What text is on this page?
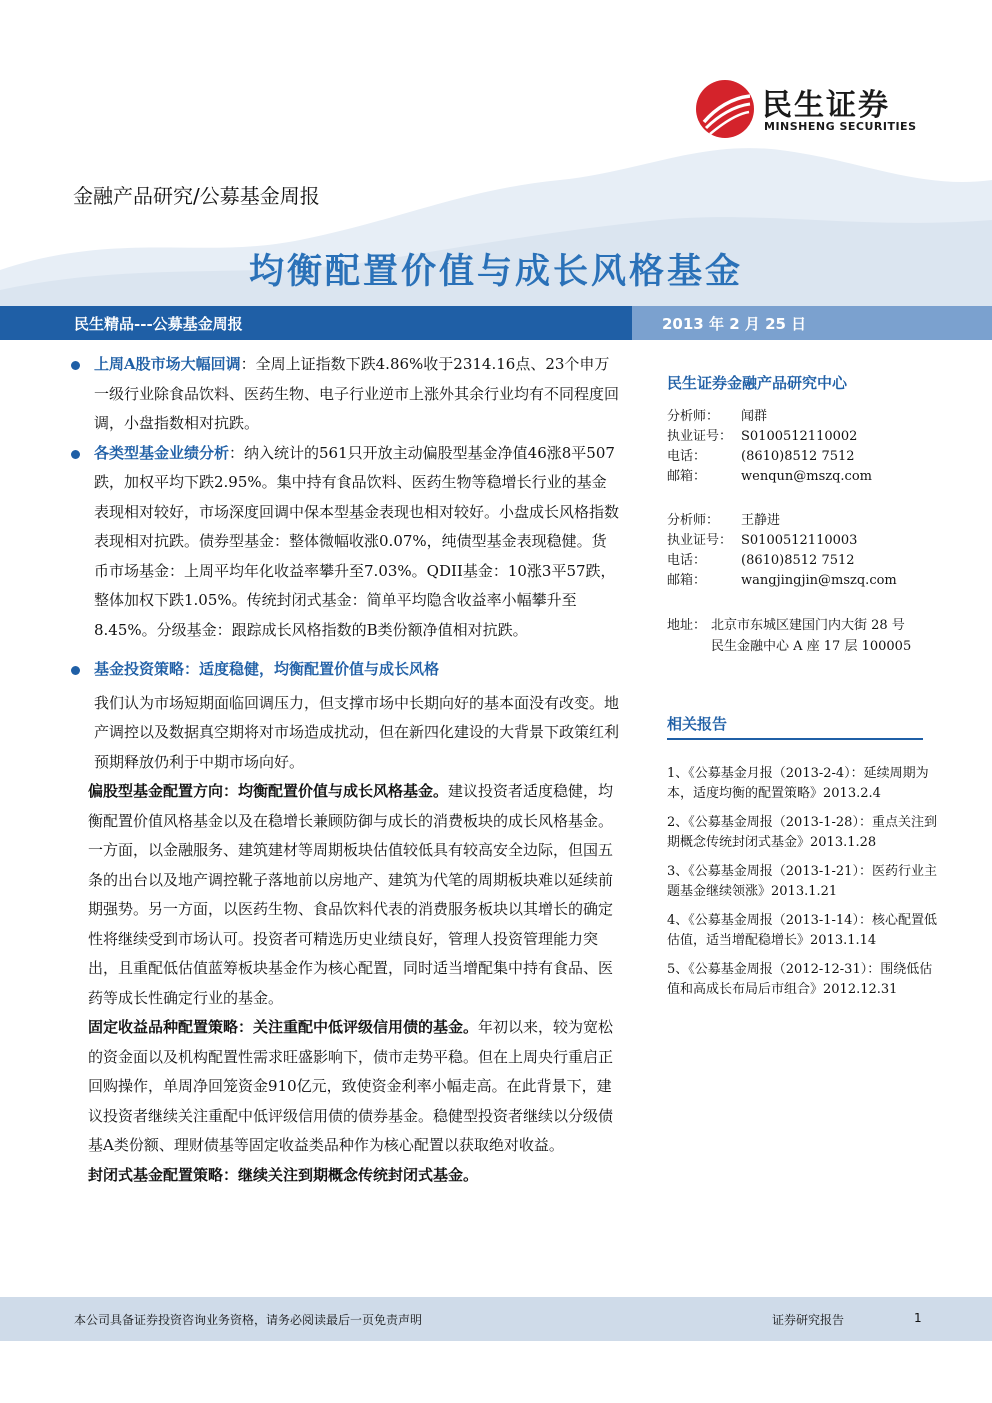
民生证券
MINSHENG SECURITIES
金融产品研究/公募基金周报
均衡配置价值与成长风格基金
民生精品---公募基金周报	2013 年 2 月 25 日

上周A股市场大幅回调：全周上证指数下跌4.86%收于2314.16点、23个申万一级行业除食品饮料、医药生物、电子行业逆市上涨外其余行业均有不同程度回调，小盘指数相对抗跌。

各类型基金业绩分析：纳入统计的561只开放主动偏股型基金净值46涨8平507跌，加权平均下跌2.95%。集中持有食品饮料、医药生物等稳增长行业的基金表现相对较好，市场深度回调中保本型基金表现也相对较好。小盘成长风格指数表现相对抗跌。债券型基金：整体微幅收涨0.07%，纯债型基金表现稳健。货币市场基金：上周平均年化收益率攀升至7.03%。QDII基金：10涨3平57跌，整体加权下跌1.05%。传统封闭式基金：简单平均隐含收益率小幅攀升至8.45%。分级基金：跟踪成长风格指数的B类份额净值相对抗跌。

基金投资策略：适度稳健，均衡配置价值与成长风格

我们认为市场短期面临回调压力，但支撑市场中长期向好的基本面没有改变。地产调控以及数据真空期将对市场造成扰动，但在新四化建设的大背景下政策红利预期释放仍利于中期市场向好。

偏股型基金配置方向：均衡配置价值与成长风格基金。建议投资者适度稳健，均衡配置价值风格基金以及在稳增长兼顾防御与成长的消费板块的成长风格基金。一方面，以金融服务、建筑建材等周期板块估值较低具有较高安全边际，但国五条的出台以及地产调控靴子落地前以房地产、建筑为代笔的周期板块难以延续前期强势。另一方面，以医药生物、食品饮料代表的消费服务板块以其增长的确定性将继续受到市场认可。投资者可精选历史业绩良好，管理人投资管理能力突出，且重配低估值蓝筹板块基金作为核心配置，同时适当增配集中持有食品、医药等成长性确定行业的基金。

固定收益品种配置策略：关注重配中低评级信用债的基金。年初以来，较为宽松的资金面以及机构配置性需求旺盛影响下，债市走势平稳。但在上周央行重启正回购操作，单周净回笼资金910亿元，致使资金利率小幅走高。在此背景下，建议投资者继续关注重配中低评级信用债的债券基金。稳健型投资者继续以分级债基A类份额、理财债基等固定收益类品种作为核心配置以获取绝对收益。

封闭式基金配置策略：继续关注到期概念传统封闭式基金。

民生证券金融产品研究中心

分析师： 闻群

执业证号： S0100512110002

电话：	(8610)8512 7512

邮箱：	wenqun@mszq.com

分析师： 王静进

执业证号： S0100512110003

电话：	(8610)8512 7512

邮箱：	wangjingjin@mszq.com

地址： 北京市东城区建国门内大街 28 号
民生金融中心 A 座 17 层 100005
相关报告

1、《公募基金月报（2013-2-4）：延续周期为本，适度均衡的配置策略》2013.2.4

2、《公募基金周报（2013-1-28）：重点关注到期概念传统封闭式基金》2013.1.28

3、《公募基金周报（2013-1-21）：医药行业主题基金继续领涨》2013.1.21

4、《公募基金周报（2013-1-14）：核心配置低估值，适当增配稳增长》2013.1.14

5、《公募基金周报（2012-12-31）：围绕低估值和高成长布局后市组合》2012.12.31

本公司具备证券投资咨询业务资格，请务必阅读最后一页免责声明	证券研究报告	1
